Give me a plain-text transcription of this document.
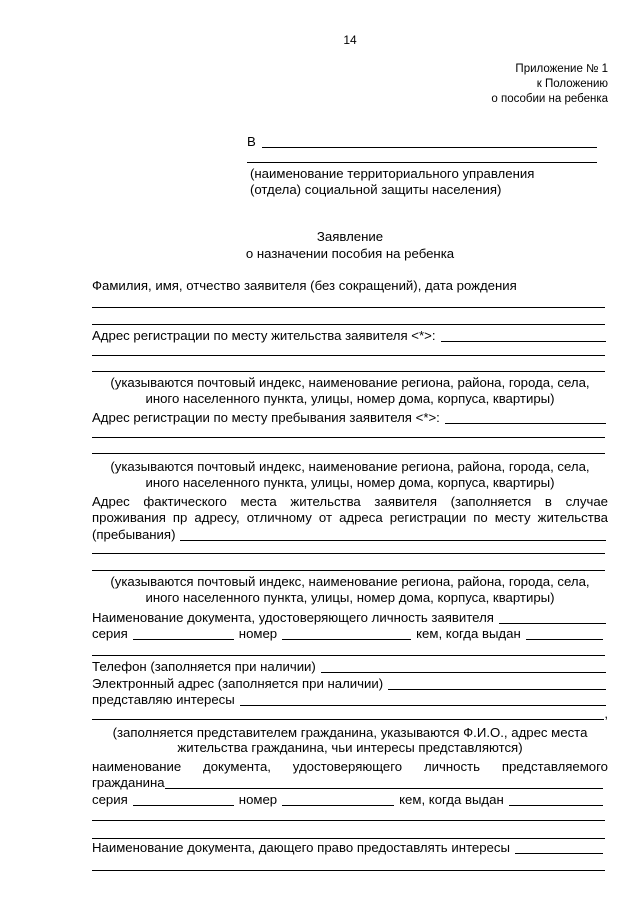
14
Приложение № 1
к Положению
о пособии на ребенка
В
(наименование территориального управления
(отдела) социальной защиты населения)
Заявление
о назначении пособия на ребенка
Фамилия, имя, отчество заявителя (без сокращений), дата рождения
Адрес регистрации по месту жительства заявителя <*>:
(указываются почтовый индекс, наименование региона, района, города, села,
иного населенного пункта, улицы, номер дома, корпуса, квартиры)
Адрес регистрации по месту пребывания заявителя <*>:
(указываются почтовый индекс, наименование региона, района, города, села,
иного населенного пункта, улицы, номер дома, корпуса, квартиры)
Адрес фактического места жительства заявителя (заполняется в случае
проживания пр адресу, отличному от адреса регистрации по месту жительства
(пребывания)
(указываются почтовый индекс, наименование региона, района, города, села,
иного населенного пункта, улицы, номер дома, корпуса, квартиры)
Наименование документа, удостоверяющего личность заявителя
серия	номер	кем, когда выдан
Телефон (заполняется при наличии)
Электронный адрес (заполняется при наличии)
представляю интересы
,
(заполняется представителем гражданина, указываются Ф.И.О., адрес места
жительства гражданина, чьи интересы представляются)
наименование документа, удостоверяющего личность представляемого
гражданина
серия	номер	кем, когда выдан
Наименование документа, дающего право предоставлять интересы
